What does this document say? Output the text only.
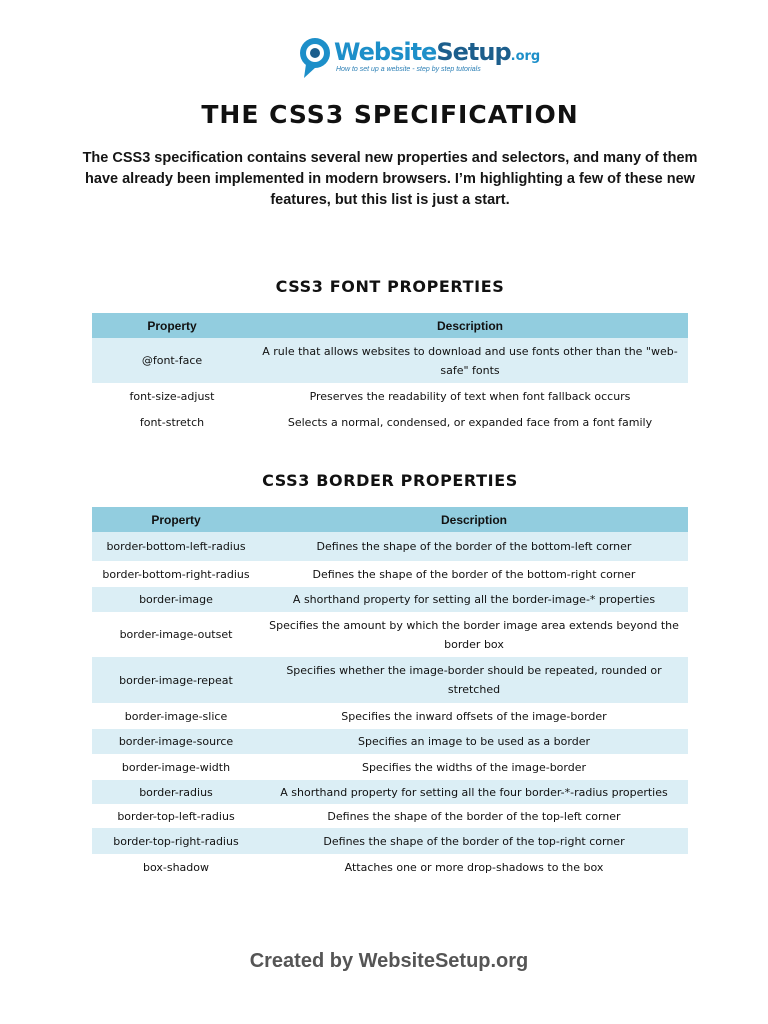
WebsiteSetup.org
How to set up a website - step by step tutorials
THE CSS3 SPECIFICATION
The CSS3 specification contains several new properties and selectors, and many of them have already been implemented in modern browsers. I’m highlighting a few of these new features, but this list is just a start.
CSS3 FONT PROPERTIES
Property	Description
@font-face	A rule that allows websites to download and use fonts other than the "web-safe" fonts
font-size-adjust	Preserves the readability of text when font fallback occurs
font-stretch	Selects a normal, condensed, or expanded face from a font family
CSS3 BORDER PROPERTIES
Property	Description
border-bottom-left-radius	Defines the shape of the border of the bottom-left corner
border-bottom-right-radius	Defines the shape of the border of the bottom-right corner
border-image	A shorthand property for setting all the border-image-* properties
border-image-outset	Specifies the amount by which the border image area extends beyond the border box
border-image-repeat	Specifies whether the image-border should be repeated, rounded or stretched
border-image-slice	Specifies the inward offsets of the image-border
border-image-source	Specifies an image to be used as a border
border-image-width	Specifies the widths of the image-border
border-radius	A shorthand property for setting all the four border-*-radius properties
border-top-left-radius	Defines the shape of the border of the top-left corner
border-top-right-radius	Defines the shape of the border of the top-right corner
box-shadow	Attaches one or more drop-shadows to the box
Created by WebsiteSetup.org
